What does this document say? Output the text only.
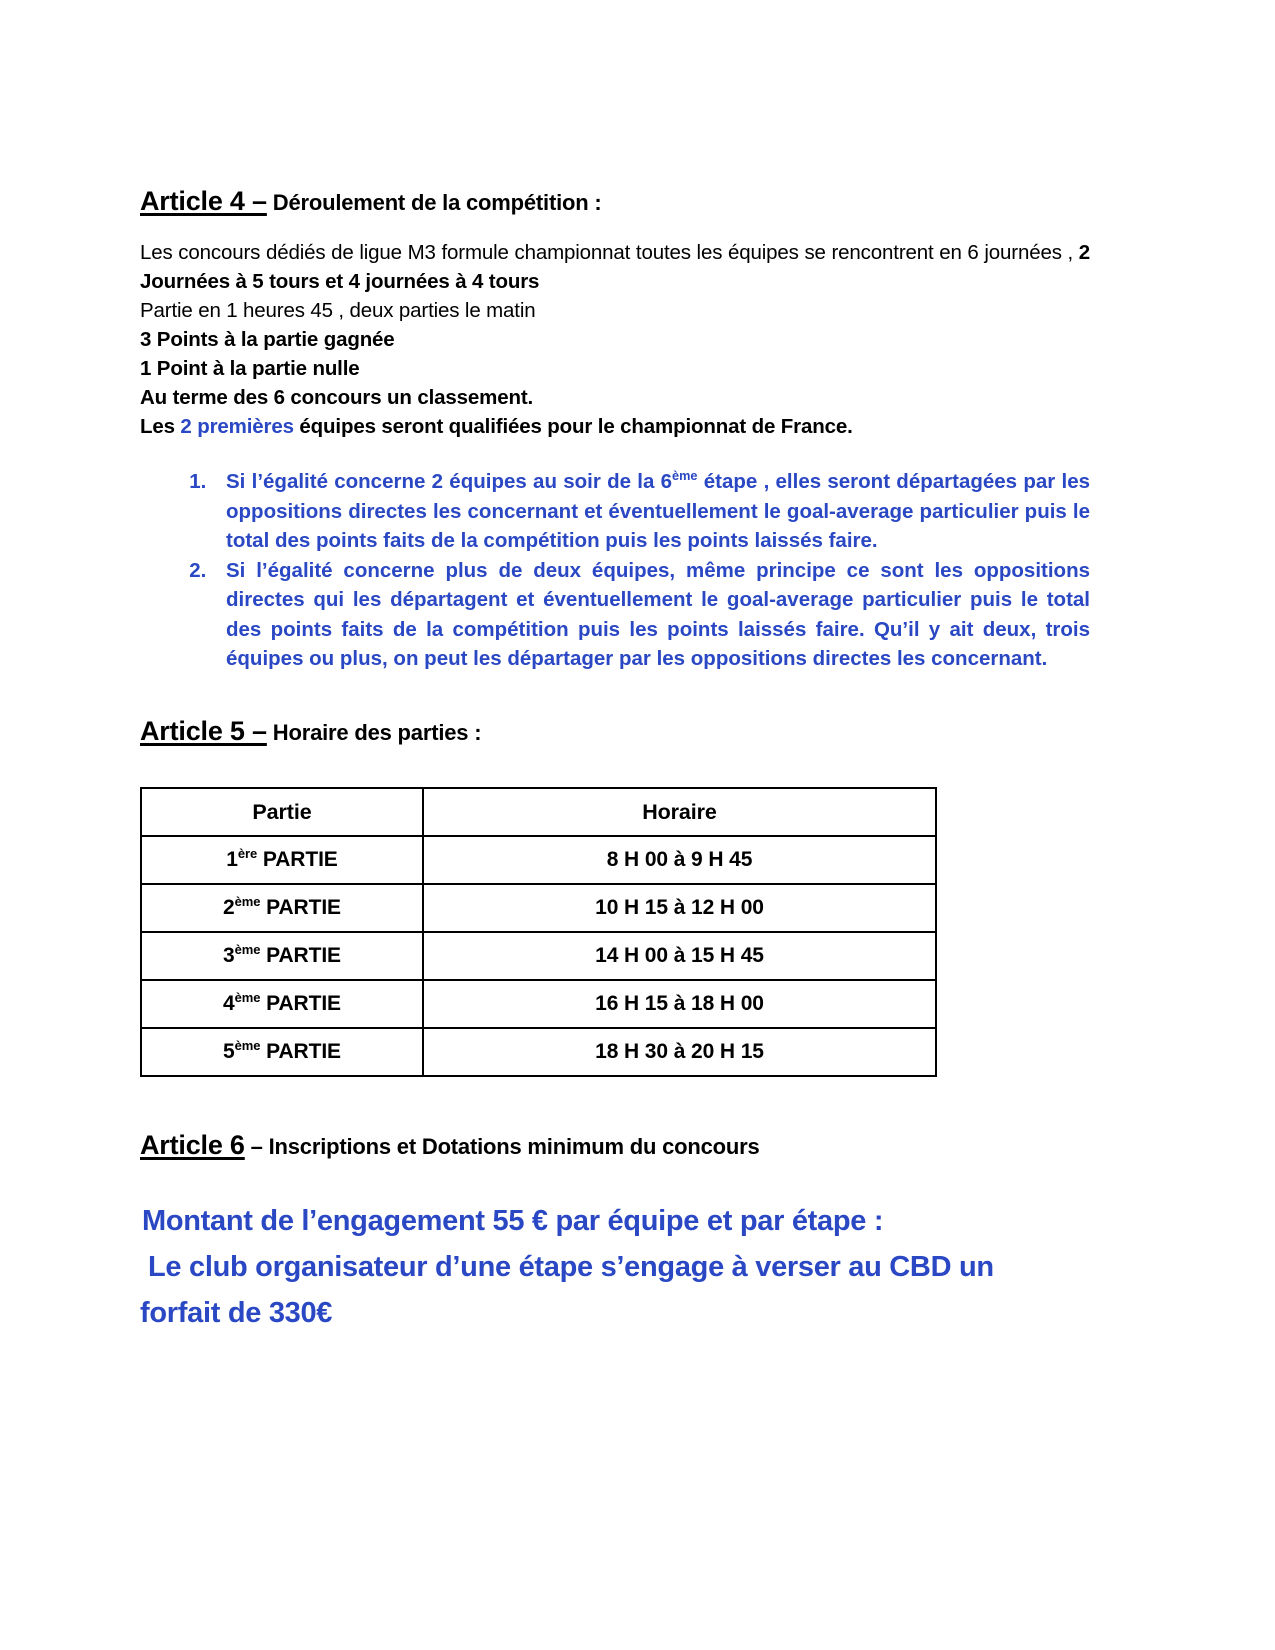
Article 4 – Déroulement de la compétition :
Les concours dédiés de ligue M3 formule championnat toutes les équipes se rencontrent en 6 journées , 2 Journées à 5 tours et 4 journées à 4 tours
Partie en 1 heures 45 , deux parties le matin
3 Points à la partie gagnée
1 Point à la partie nulle
Au terme des 6 concours un classement.
Les 2 premières équipes seront qualifiées pour le championnat de France.
1. Si l’égalité concerne 2 équipes au soir de la 6ème étape , elles seront départagées par les oppositions directes les concernant et éventuellement le goal-average particulier puis le total des points faits de la compétition puis les points laissés faire.
2. Si l’égalité concerne plus de deux équipes, même principe ce sont les oppositions directes qui les départagent et éventuellement le goal-average particulier puis le total des points faits de la compétition puis les points laissés faire. Qu’il y ait deux, trois équipes ou plus, on peut les départager par les oppositions directes les concernant.
Article 5 – Horaire des parties :
Partie	Horaire
1ère PARTIE	8 H 00 à 9 H 45
2ème PARTIE	10 H 15 à 12 H 00
3ème PARTIE	14 H 00 à 15 H 45
4ème PARTIE	16 H 15 à 18 H 00
5ème PARTIE	18 H 30 à 20 H 15
Article 6 – Inscriptions et Dotations minimum du concours
Montant de l’engagement 55 € par équipe et par étape :
Le club organisateur d’une étape s’engage à verser au CBD un
forfait de 330€
